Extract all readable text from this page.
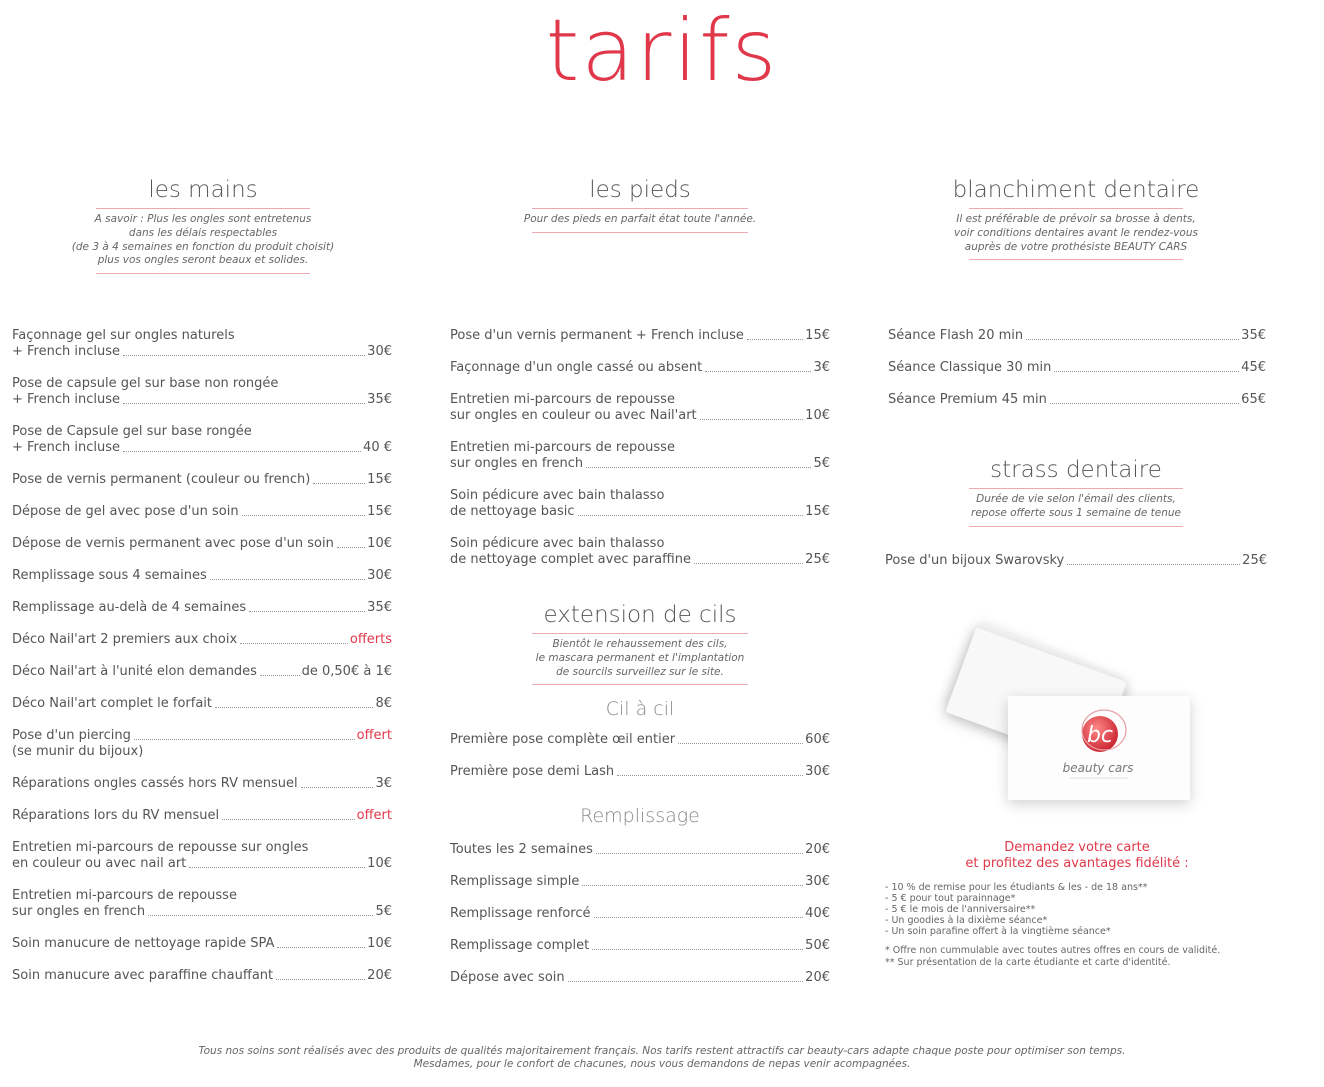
tarifs
les mains
A savoir : Plus les ongles sont entretenus
dans les délais respectables
(de 3 à 4 semaines en fonction du produit choisit)
plus vos ongles seront beaux et solides.
les pieds
Pour des pieds en parfait état toute l'année.
blanchiment dentaire
Il est préférable de prévoir sa brosse à dents,
voir conditions dentaires avant le rendez-vous
auprès de votre prothésiste BEAUTY CARS
strass dentaire
Durée de vie selon l'émail des clients,
repose offerte sous 1 semaine de tenue
extension de cils
Bientôt le rehaussement des cils,
le mascara permanent et l'implantation
de sourcils surveillez sur le site.
Cil à cil
Remplissage
Façonnage gel sur ongles naturels
+ French incluse	30€
Pose de capsule gel sur base non rongée
+ French incluse	35€
Pose de Capsule gel sur base rongée
+ French incluse	40 €
Pose de vernis permanent (couleur ou french)	15€
Dépose de gel avec pose d'un soin	15€
Dépose de vernis permanent avec pose d'un soin	10€
Remplissage sous 4 semaines	30€
Remplissage au-delà de 4 semaines	35€
Déco Nail'art 2 premiers aux choix	offerts
Déco Nail'art à l'unité elon demandes	de 0,50€ à 1€
Déco Nail'art complet le forfait	8€
Pose d'un piercing	offert
(se munir du bijoux)
Réparations ongles cassés hors RV mensuel	3€
Réparations lors du RV mensuel	offert
Entretien mi-parcours de repousse sur ongles
en couleur ou avec nail art	10€
Entretien mi-parcours de repousse
sur ongles en french	5€
Soin manucure de nettoyage rapide SPA	10€
Soin manucure avec paraffine chauffant	20€
Pose d'un vernis permanent + French incluse	15€
Façonnage d'un ongle cassé ou absent	3€
Entretien mi-parcours de repousse
sur ongles en couleur ou avec Nail'art	10€
Entretien mi-parcours de repousse
sur ongles en french	5€
Soin pédicure avec bain thalasso
de nettoyage basic	15€
Soin pédicure avec bain thalasso
de nettoyage complet avec paraffine	25€
Première pose complète œil entier	60€
Première pose demi Lash	30€
Toutes les 2 semaines	20€
Remplissage simple	30€
Remplissage renforcé	40€
Remplissage complet	50€
Dépose avec soin	20€
Séance Flash 20 min	35€
Séance Classique 30 min	45€
Séance Premium 45 min	65€
Pose d'un bijoux Swarovsky	25€
bc
beauty cars
Demandez votre carte
et profitez des avantages fidélité :
- 10 % de remise pour les étudiants & les - de 18 ans**
- 5 € pour tout parainnage*
- 5 € le mois de l'anniversaire**
- Un goodies à la dixième séance*
- Un soin parafine offert à la vingtième séance*
* Offre non cummulable avec toutes autres offres en cours de validité.
** Sur présentation de la carte étudiante et carte d'identité.
Tous nos soins sont réalisés avec des produits de qualités majoritairement français. Nos tarifs restent attractifs car beauty-cars adapte chaque poste pour optimiser son temps.
Mesdames, pour le confort de chacunes, nous vous demandons de nepas venir acompagnées.
